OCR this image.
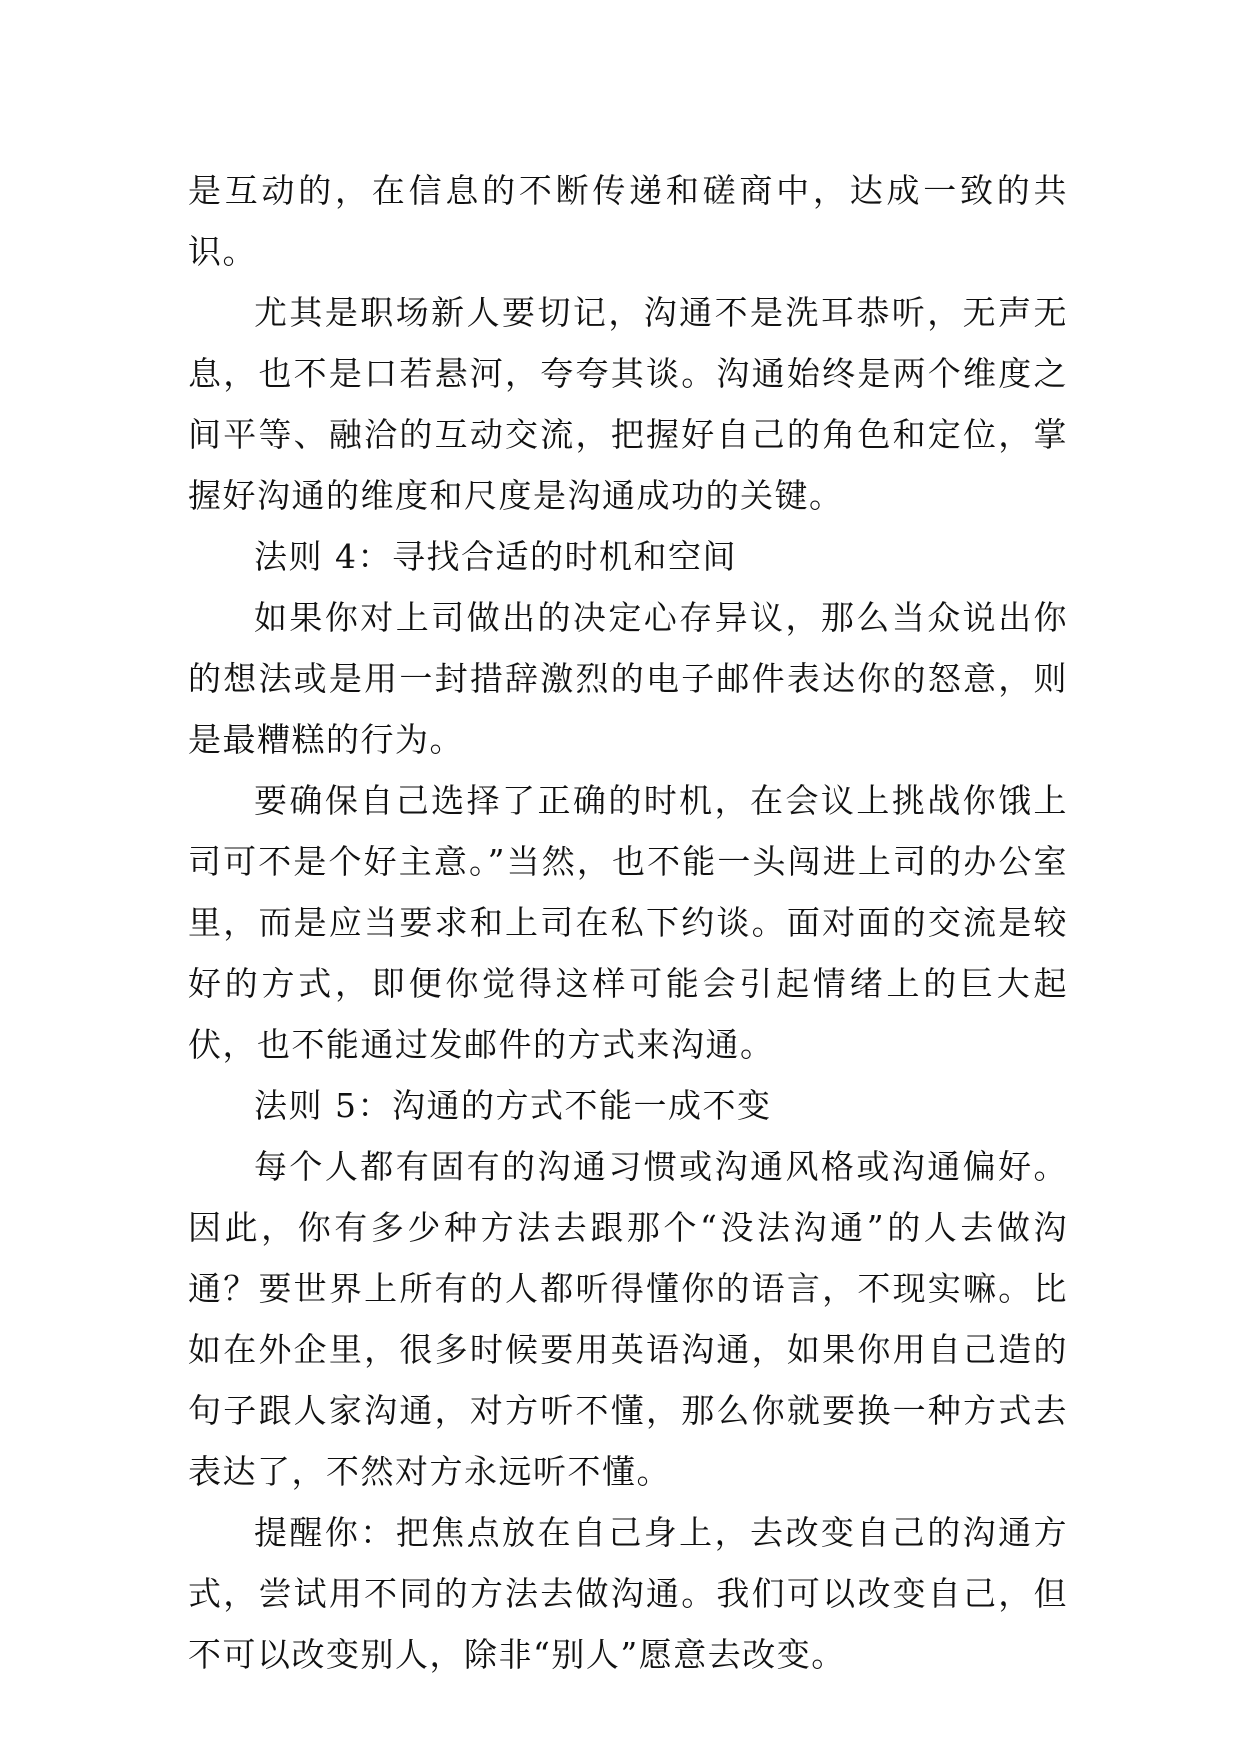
是互动的，在信息的不断传递和磋商中，达成一致的共识。

尤其是职场新人要切记，沟通不是洗耳恭听，无声无息，也不是口若悬河，夸夸其谈。沟通始终是两个维度之间平等、融洽的互动交流，把握好自己的角色和定位，掌握好沟通的维度和尺度是沟通成功的关键。

法则 4：寻找合适的时机和空间

如果你对上司做出的决定心存异议，那么当众说出你的想法或是用一封措辞激烈的电子邮件表达你的怒意，则是最糟糕的行为。

要确保自己选择了正确的时机，在会议上挑战你饿上司可不是个好主意。”当然，也不能一头闯进上司的办公室里，而是应当要求和上司在私下约谈。面对面的交流是较好的方式，即便你觉得这样可能会引起情绪上的巨大起伏，也不能通过发邮件的方式来沟通。

法则 5：沟通的方式不能一成不变

每个人都有固有的沟通习惯或沟通风格或沟通偏好。因此，你有多少种方法去跟那个“没法沟通”的人去做沟通？要世界上所有的人都听得懂你的语言，不现实嘛。比如在外企里，很多时候要用英语沟通，如果你用自己造的句子跟人家沟通，对方听不懂，那么你就要换一种方式去表达了，不然对方永远听不懂。

提醒你：把焦点放在自己身上，去改变自己的沟通方式，尝试用不同的方法去做沟通。我们可以改变自己，但不可以改变别人，除非“别人”愿意去改变。
